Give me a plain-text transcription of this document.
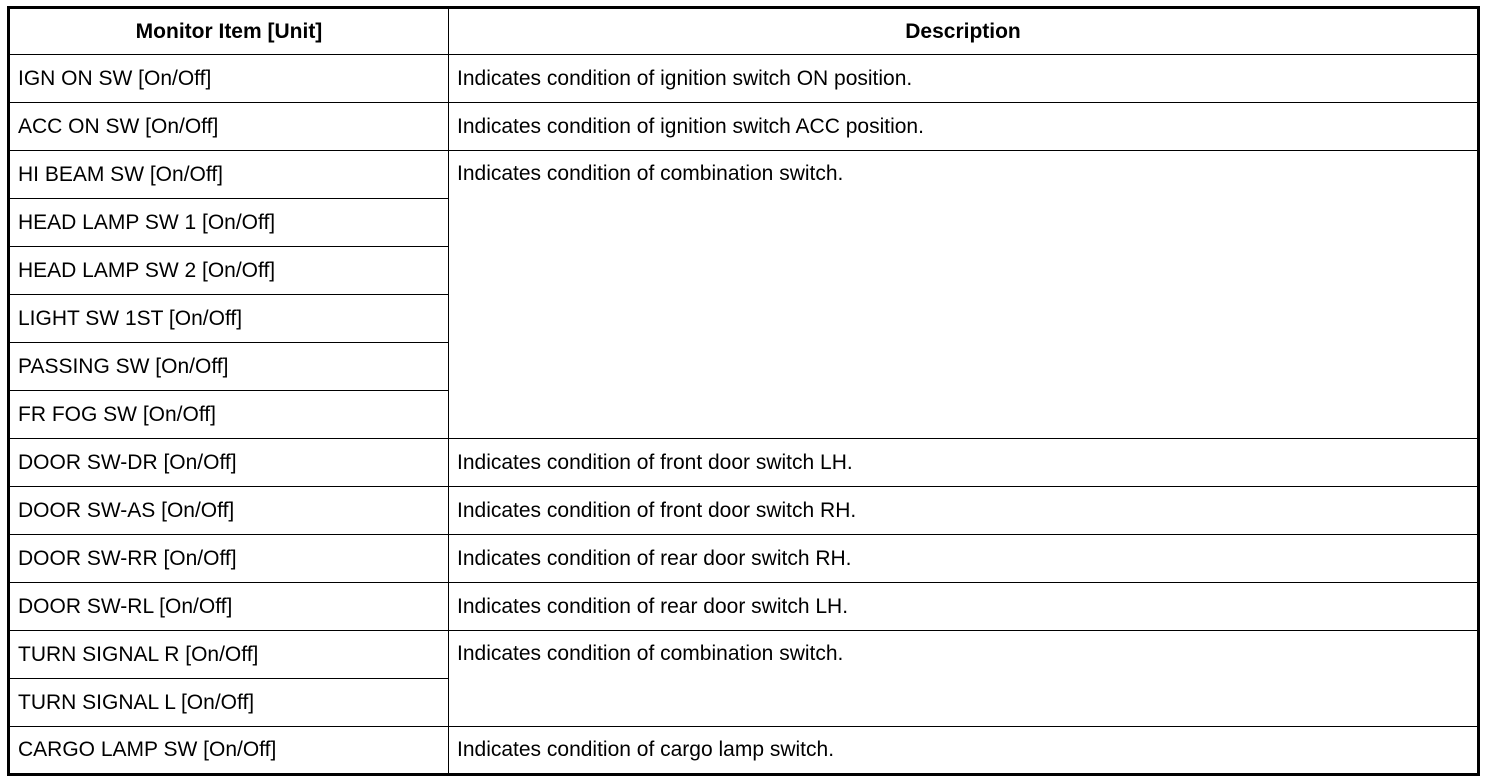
Monitor Item [Unit]	Description
IGN ON SW [On/Off]	Indicates condition of ignition switch ON position.
ACC ON SW [On/Off]	Indicates condition of ignition switch ACC position.
HI BEAM SW [On/Off]	Indicates condition of combination switch.
HEAD LAMP SW 1 [On/Off]	
HEAD LAMP SW 2 [On/Off]	
LIGHT SW 1ST [On/Off]	
PASSING SW [On/Off]	
FR FOG SW [On/Off]	
DOOR SW-DR [On/Off]	Indicates condition of front door switch LH.
DOOR SW-AS [On/Off]	Indicates condition of front door switch RH.
DOOR SW-RR [On/Off]	Indicates condition of rear door switch RH.
DOOR SW-RL [On/Off]	Indicates condition of rear door switch LH.
TURN SIGNAL R [On/Off]	Indicates condition of combination switch.
TURN SIGNAL L [On/Off]	
CARGO LAMP SW [On/Off]	Indicates condition of cargo lamp switch.
